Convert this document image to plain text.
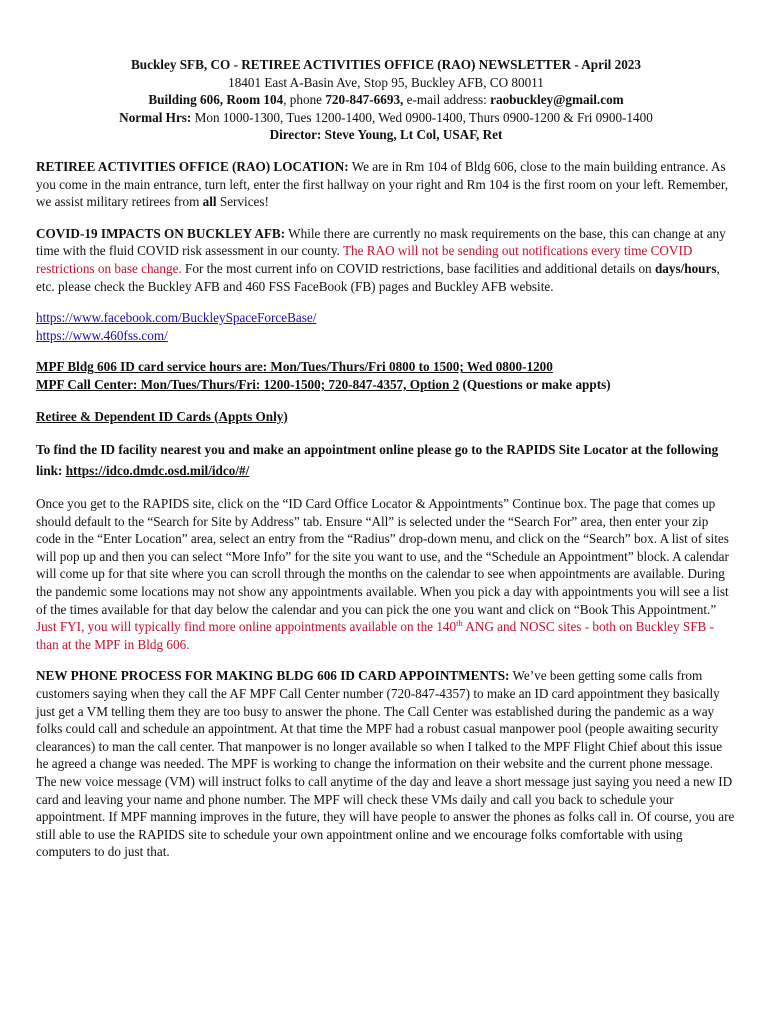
Buckley SFB, CO - RETIREE ACTIVITIES OFFICE (RAO) NEWSLETTER - April 2023

18401 East A-Basin Ave, Stop 95, Buckley AFB, CO 80011

Building 606, Room 104, phone 720-847-6693, e-mail address: raobuckley@gmail.com

Normal Hrs: Mon 1000-1300, Tues 1200-1400, Wed 0900-1400, Thurs 0900-1200 & Fri 0900-1400

Director: Steve Young, Lt Col, USAF, Ret

RETIREE ACTIVITIES OFFICE (RAO) LOCATION: We are in Rm 104 of Bldg 606, close to the main building entrance. As you come in the main entrance, turn left, enter the first hallway on your right and Rm 104 is the first room on your left. Remember, we assist military retirees from all Services!

COVID-19 IMPACTS ON BUCKLEY AFB: While there are currently no mask requirements on the base, this can change at any time with the fluid COVID risk assessment in our county. The RAO will not be sending out notifications every time COVID restrictions on base change. For the most current info on COVID restrictions, base facilities and additional details on days/hours, etc. please check the Buckley AFB and 460 FSS FaceBook (FB) pages and Buckley AFB website.

https://www.facebook.com/BuckleySpaceForceBase/

https://www.460fss.com/

MPF Bldg 606 ID card service hours are: Mon/Tues/Thurs/Fri 0800 to 1500; Wed 0800-1200

MPF Call Center: Mon/Tues/Thurs/Fri: 1200-1500; 720-847-4357, Option 2 (Questions or make appts)

Retiree & Dependent ID Cards (Appts Only)

To find the ID facility nearest you and make an appointment online please go to the RAPIDS Site Locator at the following link: https://idco.dmdc.osd.mil/idco/#/

Once you get to the RAPIDS site, click on the “ID Card Office Locator & Appointments” Continue box. The page that comes up should default to the “Search for Site by Address” tab. Ensure “All” is selected under the “Search For” area, then enter your zip code in the “Enter Location” area, select an entry from the “Radius” drop-down menu, and click on the “Search” box. A list of sites will pop up and then you can select “More Info” for the site you want to use, and the “Schedule an Appointment” block. A calendar will come up for that site where you can scroll through the months on the calendar to see when appointments are available. During the pandemic some locations may not show any appointments available. When you pick a day with appointments you will see a list of the times available for that day below the calendar and you can pick the one you want and click on “Book This Appointment.” Just FYI, you will typically find more online appointments available on the 140th ANG and NOSC sites - both on Buckley SFB - than at the MPF in Bldg 606.

NEW PHONE PROCESS FOR MAKING BLDG 606 ID CARD APPOINTMENTS: We’ve been getting some calls from customers saying when they call the AF MPF Call Center number (720-847-4357) to make an ID card appointment they basically just get a VM telling them they are too busy to answer the phone. The Call Center was established during the pandemic as a way folks could call and schedule an appointment. At that time the MPF had a robust casual manpower pool (people awaiting security clearances) to man the call center. That manpower is no longer available so when I talked to the MPF Flight Chief about this issue he agreed a change was needed. The MPF is working to change the information on their website and the current phone message. The new voice message (VM) will instruct folks to call anytime of the day and leave a short message just saying you need a new ID card and leaving your name and phone number. The MPF will check these VMs daily and call you back to schedule your appointment. If MPF manning improves in the future, they will have people to answer the phones as folks call in. Of course, you are still able to use the RAPIDS site to schedule your own appointment online and we encourage folks comfortable with using computers to do just that.
